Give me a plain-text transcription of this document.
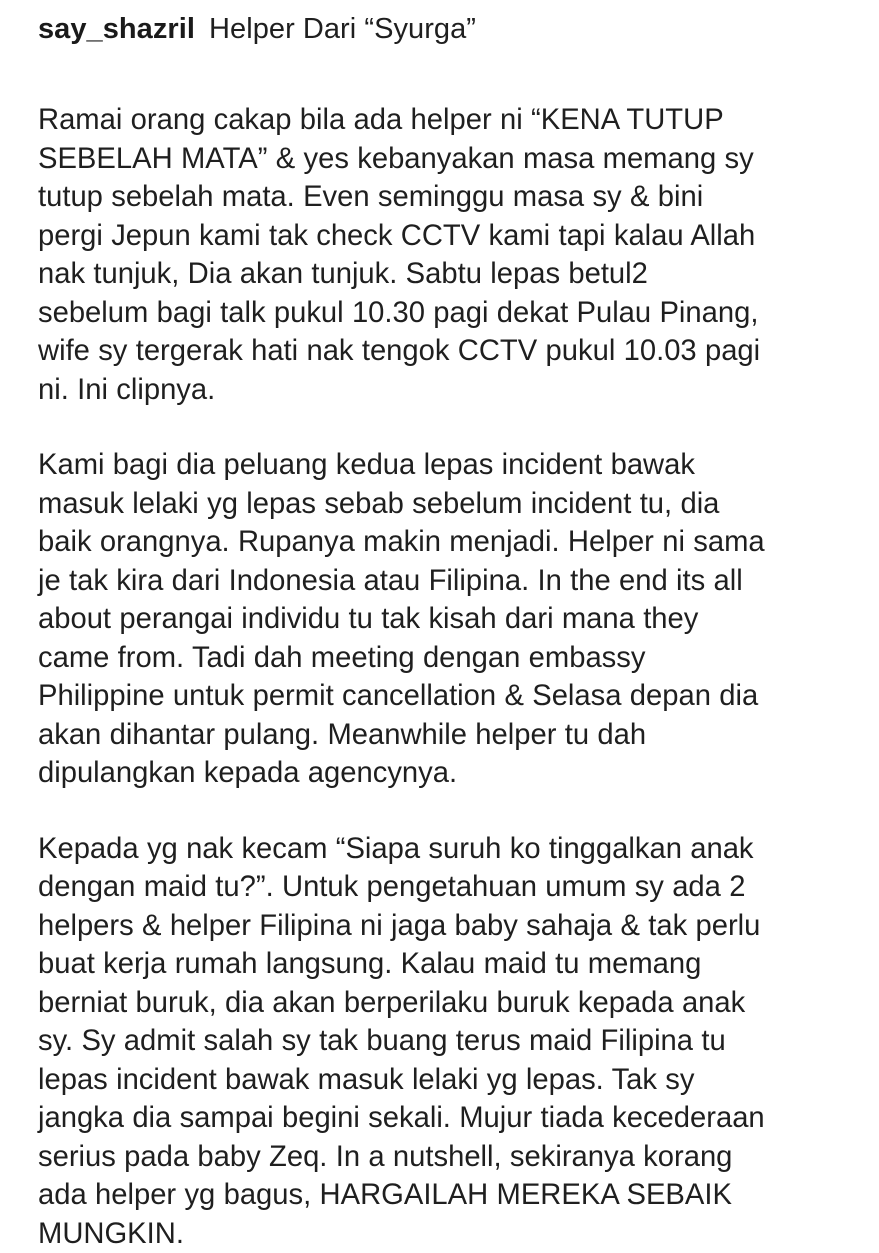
say_shazril Helper Dari “Syurga”

Ramai orang cakap bila ada helper ni “KENA TUTUP
SEBELAH MATA” & yes kebanyakan masa memang sy
tutup sebelah mata. Even seminggu masa sy & bini
pergi Jepun kami tak check CCTV kami tapi kalau Allah
nak tunjuk, Dia akan tunjuk. Sabtu lepas betul2
sebelum bagi talk pukul 10.30 pagi dekat Pulau Pinang,
wife sy tergerak hati nak tengok CCTV pukul 10.03 pagi
ni. Ini clipnya.

Kami bagi dia peluang kedua lepas incident bawak
masuk lelaki yg lepas sebab sebelum incident tu, dia
baik orangnya. Rupanya makin menjadi. Helper ni sama
je tak kira dari Indonesia atau Filipina. In the end its all
about perangai individu tu tak kisah dari mana they
came from. Tadi dah meeting dengan embassy
Philippine untuk permit cancellation & Selasa depan dia
akan dihantar pulang. Meanwhile helper tu dah
dipulangkan kepada agencynya.

Kepada yg nak kecam “Siapa suruh ko tinggalkan anak
dengan maid tu?”. Untuk pengetahuan umum sy ada 2
helpers & helper Filipina ni jaga baby sahaja & tak perlu
buat kerja rumah langsung. Kalau maid tu memang
berniat buruk, dia akan berperilaku buruk kepada anak
sy. Sy admit salah sy tak buang terus maid Filipina tu
lepas incident bawak masuk lelaki yg lepas. Tak sy
jangka dia sampai begini sekali. Mujur tiada kecederaan
serius pada baby Zeq. In a nutshell, sekiranya korang
ada helper yg bagus, HARGAILAH MEREKA SEBAIK
MUNGKIN.
